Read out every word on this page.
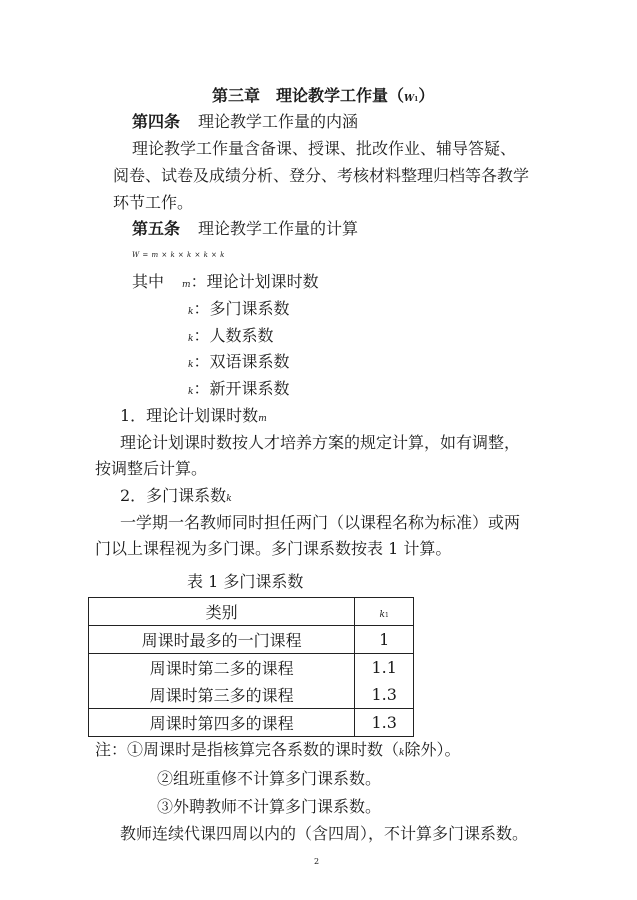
第三章　理论教学工作量（W1）
第四条 理论教学工作量的内涵
理论教学工作量含备课、授课、批改作业、辅导答疑、
阅卷、试卷及成绩分析、登分、考核材料整理归档等各教学
环节工作。
第五条 理论教学工作量的计算
W = m × k × k × k × k
其中 m：理论计划课时数
k：多门课系数
k：人数系数
k：双语课系数
k：新开课系数
1．理论计划课时数m
理论计划课时数按人才培养方案的规定计算，如有调整，
按调整后计算。
2．多门课系数k
一学期一名教师同时担任两门（以课程名称为标准）或两
门以上课程视为多门课。多门课系数按表 1 计算。
表 1 多门课系数
类别	k1
周课时最多的一门课程	1
周课时第二多的课程	1.1
周课时第三多的课程	1.3
周课时第四多的课程	1.3
注：①周课时是指核算完各系数的课时数（k除外）。
②组班重修不计算多门课系数。
③外聘教师不计算多门课系数。
教师连续代课四周以内的（含四周），不计算多门课系数。
2
